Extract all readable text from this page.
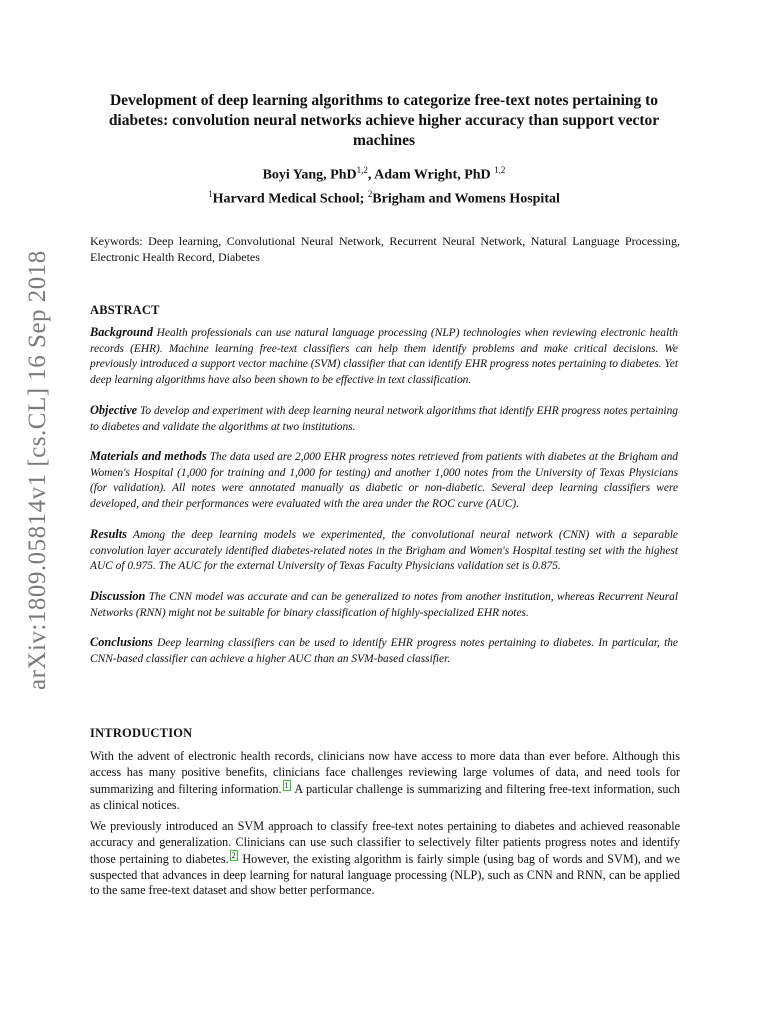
arXiv:1809.05814v1 [cs.CL] 16 Sep 2018
Development of deep learning algorithms to categorize free-text notes pertaining to diabetes: convolution neural networks achieve higher accuracy than support vector machines
Boyi Yang, PhD$^{1,2}$, Adam Wright, PhD $^{1,2}$
$^1$Harvard Medical School; $^2$Brigham and Womens Hospital
Keywords: Deep learning, Convolutional Neural Network, Recurrent Neural Network, Natural Language Processing, Electronic Health Record, Diabetes
ABSTRACT
Background Health professionals can use natural language processing (NLP) technologies when reviewing electronic health records (EHR). Machine learning free-text classifiers can help them identify problems and make critical decisions. We previously introduced a support vector machine (SVM) classifier that can identify EHR progress notes pertaining to diabetes. Yet deep learning algorithms have also been shown to be effective in text classification.
Objective To develop and experiment with deep learning neural network algorithms that identify EHR progress notes pertaining to diabetes and validate the algorithms at two institutions.
Materials and methods The data used are 2,000 EHR progress notes retrieved from patients with diabetes at the Brigham and Women's Hospital (1,000 for training and 1,000 for testing) and another 1,000 notes from the University of Texas Physicians (for validation). All notes were annotated manually as diabetic or non-diabetic. Several deep learning classifiers were developed, and their performances were evaluated with the area under the ROC curve (AUC).
Results Among the deep learning models we experimented, the convolutional neural network (CNN) with a separable convolution layer accurately identified diabetes-related notes in the Brigham and Women's Hospital testing set with the highest AUC of 0.975. The AUC for the external University of Texas Faculty Physicians validation set is 0.875.
Discussion The CNN model was accurate and can be generalized to notes from another institution, whereas Recurrent Neural Networks (RNN) might not be suitable for binary classification of highly-specialized EHR notes.
Conclusions Deep learning classifiers can be used to identify EHR progress notes pertaining to diabetes. In particular, the CNN-based classifier can achieve a higher AUC than an SVM-based classifier.
INTRODUCTION
With the advent of electronic health records, clinicians now have access to more data than ever before. Although this access has many positive benefits, clinicians face challenges reviewing large volumes of data, and need tools for summarizing and filtering information. 1 A particular challenge is summarizing and filtering free-text information, such as clinical notices.
We previously introduced an SVM approach to classify free-text notes pertaining to diabetes and achieved reasonable accuracy and generalization. Clinicians can use such classifier to selectively filter patients progress notes and identify those pertaining to diabetes. 2 However, the existing algorithm is fairly simple (using bag of words and SVM), and we suspected that advances in deep learning for natural language processing (NLP), such as CNN and RNN, can be applied to the same free-text dataset and show better performance.
